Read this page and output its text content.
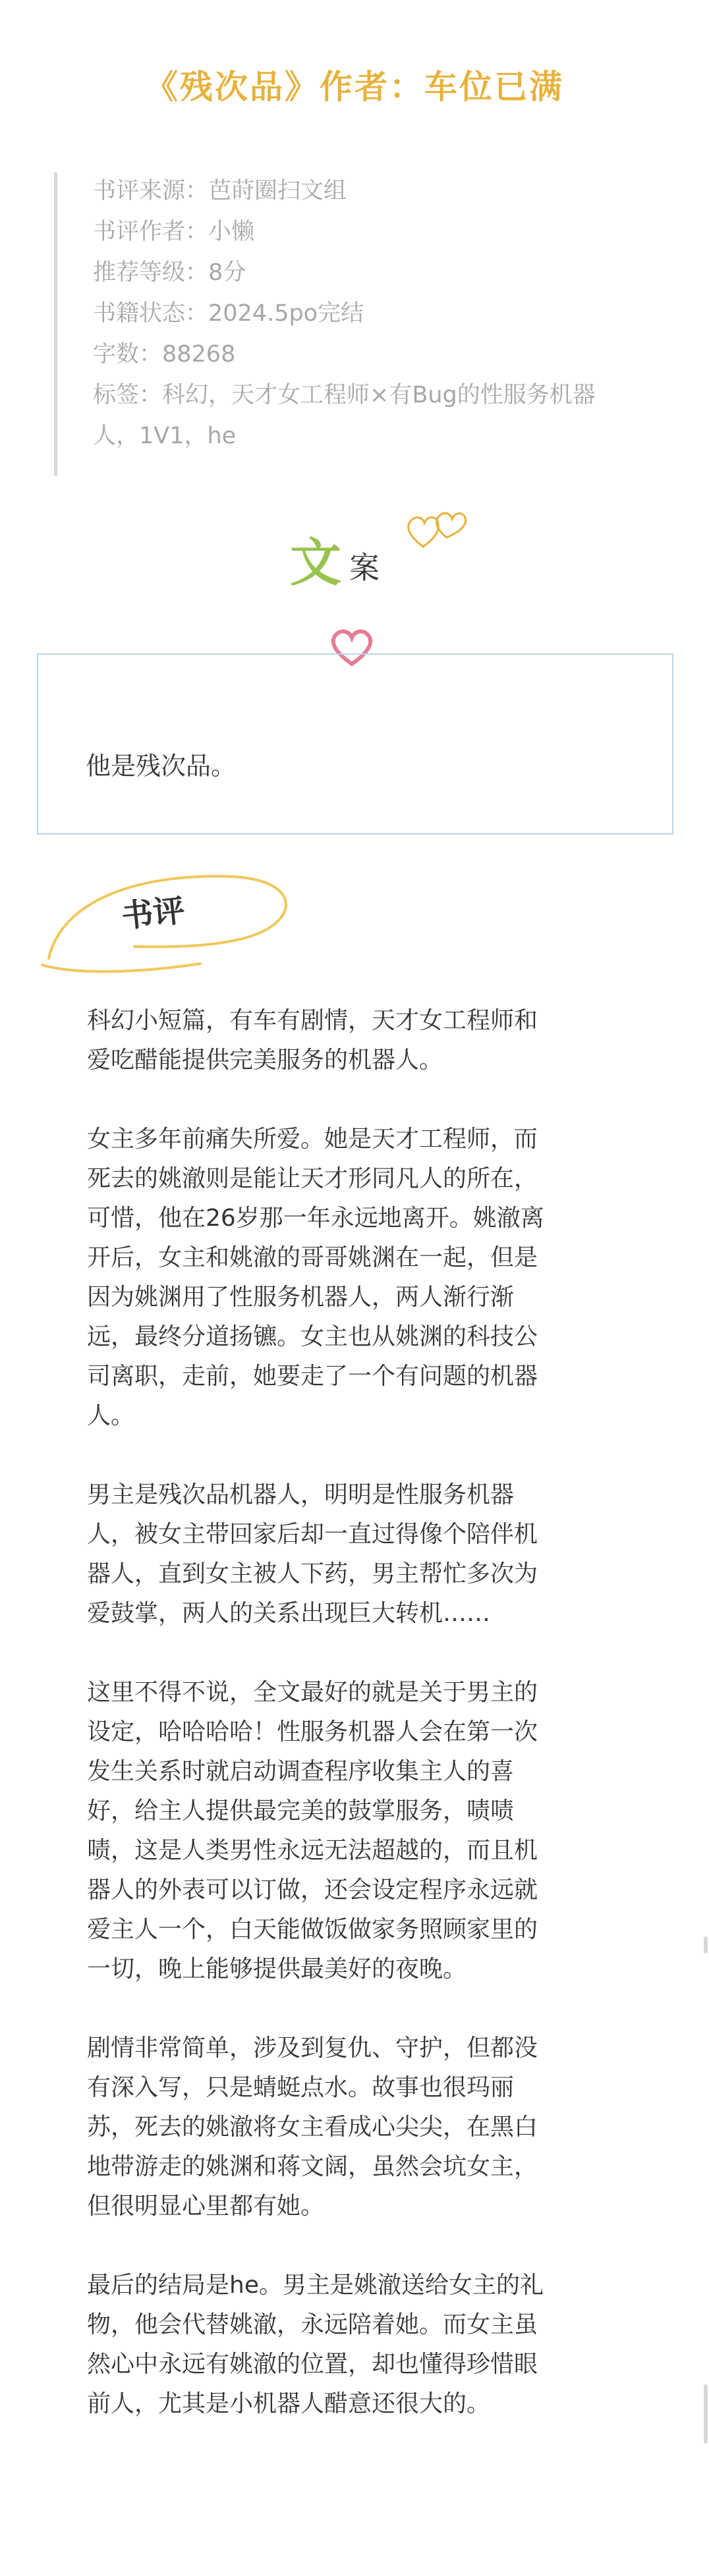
《残次品》作者：车位已满
书评来源：芭莳圈扫文组
书评作者：小懒
推荐等级：8分
书籍状态：2024.5po完结
字数：88268
标签：科幻，天才女工程师×有Bug的性服务机器
人，1V1，he
文 案
他是残次品。
书评
科幻小短篇，有车有剧情，天才女工程师和
爱吃醋能提供完美服务的机器人。
女主多年前痛失所爱。她是天才工程师，而
死去的姚澈则是能让天才形同凡人的所在，
可惜，他在26岁那一年永远地离开。姚澈离
开后，女主和姚澈的哥哥姚渊在一起，但是
因为姚渊用了性服务机器人，两人渐行渐
远，最终分道扬镳。女主也从姚渊的科技公
司离职，走前，她要走了一个有问题的机器
人。
男主是残次品机器人，明明是性服务机器
人，被女主带回家后却一直过得像个陪伴机
器人，直到女主被人下药，男主帮忙多次为
爱鼓掌，两人的关系出现巨大转机……
这里不得不说，全文最好的就是关于男主的
设定，哈哈哈哈！性服务机器人会在第一次
发生关系时就启动调查程序收集主人的喜
好，给主人提供最完美的鼓掌服务，啧啧
啧，这是人类男性永远无法超越的，而且机
器人的外表可以订做，还会设定程序永远就
爱主人一个，白天能做饭做家务照顾家里的
一切，晚上能够提供最美好的夜晚。
剧情非常简单，涉及到复仇、守护，但都没
有深入写，只是蜻蜓点水。故事也很玛丽
苏，死去的姚澈将女主看成心尖尖，在黑白
地带游走的姚渊和蒋文阔，虽然会坑女主，
但很明显心里都有她。
最后的结局是he。男主是姚澈送给女主的礼
物，他会代替姚澈，永远陪着她。而女主虽
然心中永远有姚澈的位置，却也懂得珍惜眼
前人，尤其是小机器人醋意还很大的。
